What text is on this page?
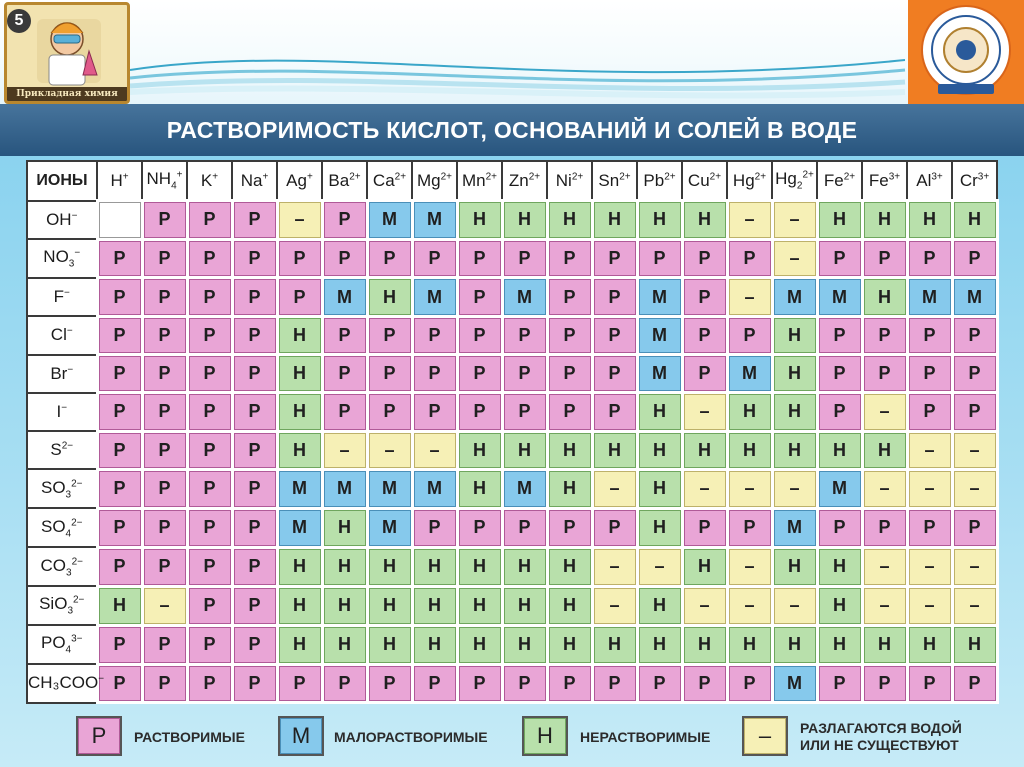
5
Прикладная химия
РАСТВОРИМОСТЬ КИСЛОТ, ОСНОВАНИЙ И СОЛЕЙ В ВОДЕ
ИОНЫ	H+	$NH_4^+$	K+	Na+	Ag+	$Ba^{2+}$	$Ca^{2+}$	$Mg^{2+}$	$Mn^{2+}$	$Zn^{2+}$	$Ni^{2+}$	$Sn^{2+}$	$Pb^{2+}$	$Cu^{2+}$	$Hg^{2+}$	$Hg_2^{2+}$	$Fe^{2+}$	$Fe^{3+}$	$Al^{3+}$	$Cr^{3+}$
OH−		Р	Р	Р	–	Р	М	М	Н	Н	Н	Н	Н	Н	–	–	Н	Н	Н	Н
$NO_3^-$	Р	Р	Р	Р	Р	Р	Р	Р	Р	Р	Р	Р	Р	Р	Р	–	Р	Р	Р	Р
F−	Р	Р	Р	Р	Р	М	Н	М	Р	М	Р	Р	М	Р	–	М	М	Н	М	М
Cl−	Р	Р	Р	Р	Н	Р	Р	Р	Р	Р	Р	Р	М	Р	Р	Н	Р	Р	Р	Р
Br−	Р	Р	Р	Р	Н	Р	Р	Р	Р	Р	Р	Р	М	Р	М	Н	Р	Р	Р	Р
I−	Р	Р	Р	Р	Н	Р	Р	Р	Р	Р	Р	Р	Н	–	Н	Н	Р	–	Р	Р
$S^{2-}$	Р	Р	Р	Р	Н	–	–	–	Н	Н	Н	Н	Н	Н	Н	Н	Н	Н	–	–
$SO_3^{2-}$	Р	Р	Р	Р	М	М	М	М	Н	М	Н	–	Н	–	–	–	М	–	–	–
$SO_4^{2-}$	Р	Р	Р	Р	М	Н	М	Р	Р	Р	Р	Р	Н	Р	Р	М	Р	Р	Р	Р
$CO_3^{2-}$	Р	Р	Р	Р	Н	Н	Н	Н	Н	Н	Н	–	–	Н	–	Н	Н	–	–	–
SiO$_3^{2-}$	Н	–	Р	Р	Н	Н	Н	Н	Н	Н	Н	–	Н	–	–	–	Н	–	–	–
$PO_4^{3-}$	Р	Р	Р	Р	Н	Н	Н	Н	Н	Н	Н	Н	Н	Н	Н	Н	Н	Н	Н	Н
CH₃COO−	Р	Р	Р	Р	Р	Р	Р	Р	Р	Р	Р	Р	Р	Р	Р	М	Р	Р	Р	Р
Р	РАСТВОРИМЫЕ	М	МАЛОРАСТВОРИМЫЕ	Н	НЕРАСТВОРИМЫЕ	–	РАЗЛАГАЮТСЯ ВОДОЙ ИЛИ НЕ СУЩЕСТВУЮТ
